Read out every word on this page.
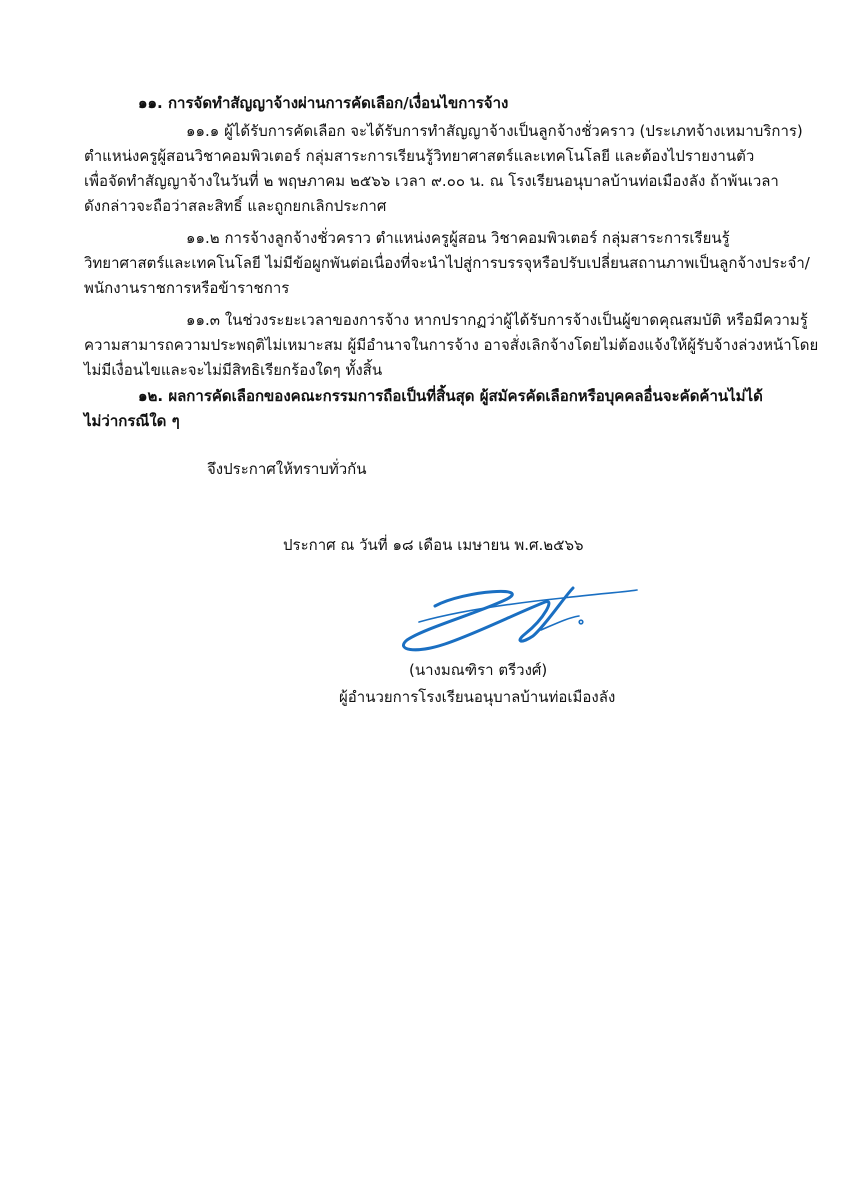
๑๑. การจัดทำสัญญาจ้างผ่านการคัดเลือก/เงื่อนไขการจ้าง
๑๑.๑ ผู้ได้รับการคัดเลือก จะได้รับการทำสัญญาจ้างเป็นลูกจ้างชั่วคราว (ประเภทจ้างเหมาบริการ)
ตำแหน่งครูผู้สอนวิชาคอมพิวเตอร์ กลุ่มสาระการเรียนรู้วิทยาศาสตร์และเทคโนโลยี และต้องไปรายงานตัว
เพื่อจัดทำสัญญาจ้างในวันที่ ๒ พฤษภาคม ๒๕๖๖ เวลา ๙.๐๐ น. ณ โรงเรียนอนุบาลบ้านท่อเมืองลัง ถ้าพ้นเวลา
ดังกล่าวจะถือว่าสละสิทธิ์ และถูกยกเลิกประกาศ
๑๑.๒ การจ้างลูกจ้างชั่วคราว ตำแหน่งครูผู้สอน วิชาคอมพิวเตอร์ กลุ่มสาระการเรียนรู้
วิทยาศาสตร์และเทคโนโลยี ไม่มีข้อผูกพันต่อเนื่องที่จะนำไปสู่การบรรจุหรือปรับเปลี่ยนสถานภาพเป็นลูกจ้างประจำ/
พนักงานราชการหรือข้าราชการ
๑๑.๓ ในช่วงระยะเวลาของการจ้าง หากปรากฏว่าผู้ได้รับการจ้างเป็นผู้ขาดคุณสมบัติ หรือมีความรู้
ความสามารถความประพฤติไม่เหมาะสม ผู้มีอำนาจในการจ้าง อาจสั่งเลิกจ้างโดยไม่ต้องแจ้งให้ผู้รับจ้างล่วงหน้าโดย
ไม่มีเงื่อนไขและจะไม่มีสิทธิเรียกร้องใดๆ ทั้งสิ้น
๑๒. ผลการคัดเลือกของคณะกรรมการถือเป็นที่สิ้นสุด ผู้สมัครคัดเลือกหรือบุคคลอื่นจะคัดค้านไม่ได้
ไม่ว่ากรณีใด ๆ
จึงประกาศให้ทราบทั่วกัน
ประกาศ ณ วันที่ ๑๘ เดือน เมษายน พ.ศ.๒๕๖๖
(นางมณฑิรา ตรีวงศ์)
ผู้อำนวยการโรงเรียนอนุบาลบ้านท่อเมืองลัง
